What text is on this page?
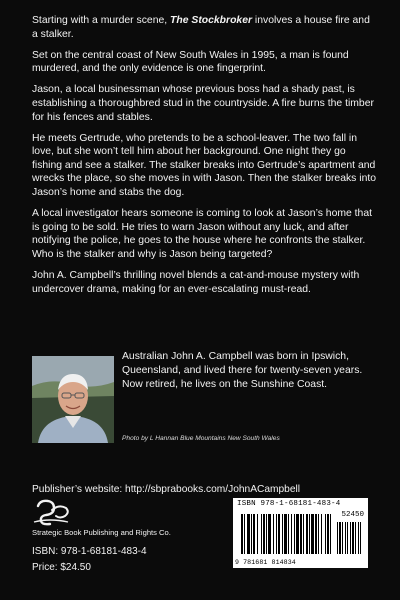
Starting with a murder scene, The Stockbroker involves a house fire and a stalker.

Set on the central coast of New South Wales in 1995, a man is found murdered, and the only evidence is one fingerprint.

Jason, a local businessman whose previous boss had a shady past, is establishing a thoroughbred stud in the countryside. A fire burns the timber for his fences and stables.

He meets Gertrude, who pretends to be a school-leaver. The two fall in love, but she won’t tell him about her background. One night they go fishing and see a stalker. The stalker breaks into Gertrude’s apartment and wrecks the place, so she moves in with Jason. Then the stalker breaks into Jason’s home and stabs the dog.

A local investigator hears someone is coming to look at Jason’s home that is going to be sold. He tries to warn Jason without any luck, and after notifying the police, he goes to the house where he confronts the stalker. Who is the stalker and why is Jason being targeted?

John A. Campbell’s thrilling novel blends a cat-and-mouse mystery with undercover drama, making for an ever-escalating must-read.

Australian John A. Campbell was born in Ipswich, Queensland, and lived there for twenty-seven years. Now retired, he lives on the Sunshine Coast.
Photo by L Hannan Blue Mountains New South Wales
Publisher’s website: http://sbprabooks.com/JohnACampbell
Strategic Book Publishing and Rights Co.
ISBN: 978-1-68181-483-4
Price: $24.50
ISBN 978-1-68181-483-4
52450
9 781681 814834
